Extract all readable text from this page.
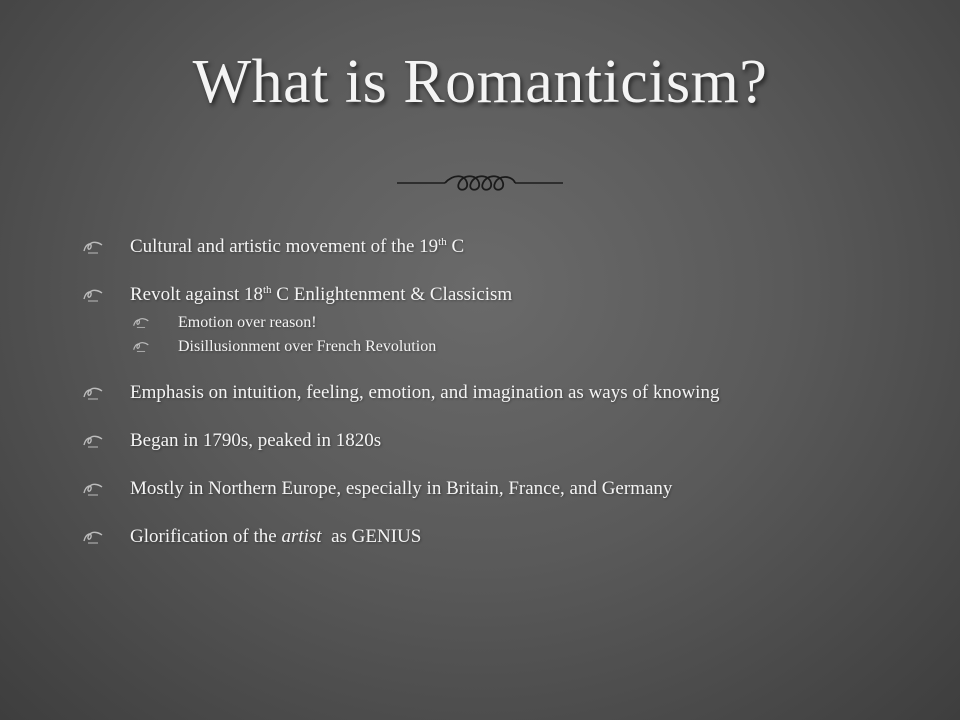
What is Romanticism?
Cultural and artistic movement of the 19th C
Revolt against 18th C Enlightenment & Classicism
Emotion over reason!
Disillusionment over French Revolution
Emphasis on intuition, feeling, emotion, and imagination as ways of knowing
Began in 1790s, peaked in 1820s
Mostly in Northern Europe, especially in Britain, France, and Germany
Glorification of the artist  as GENIUS
